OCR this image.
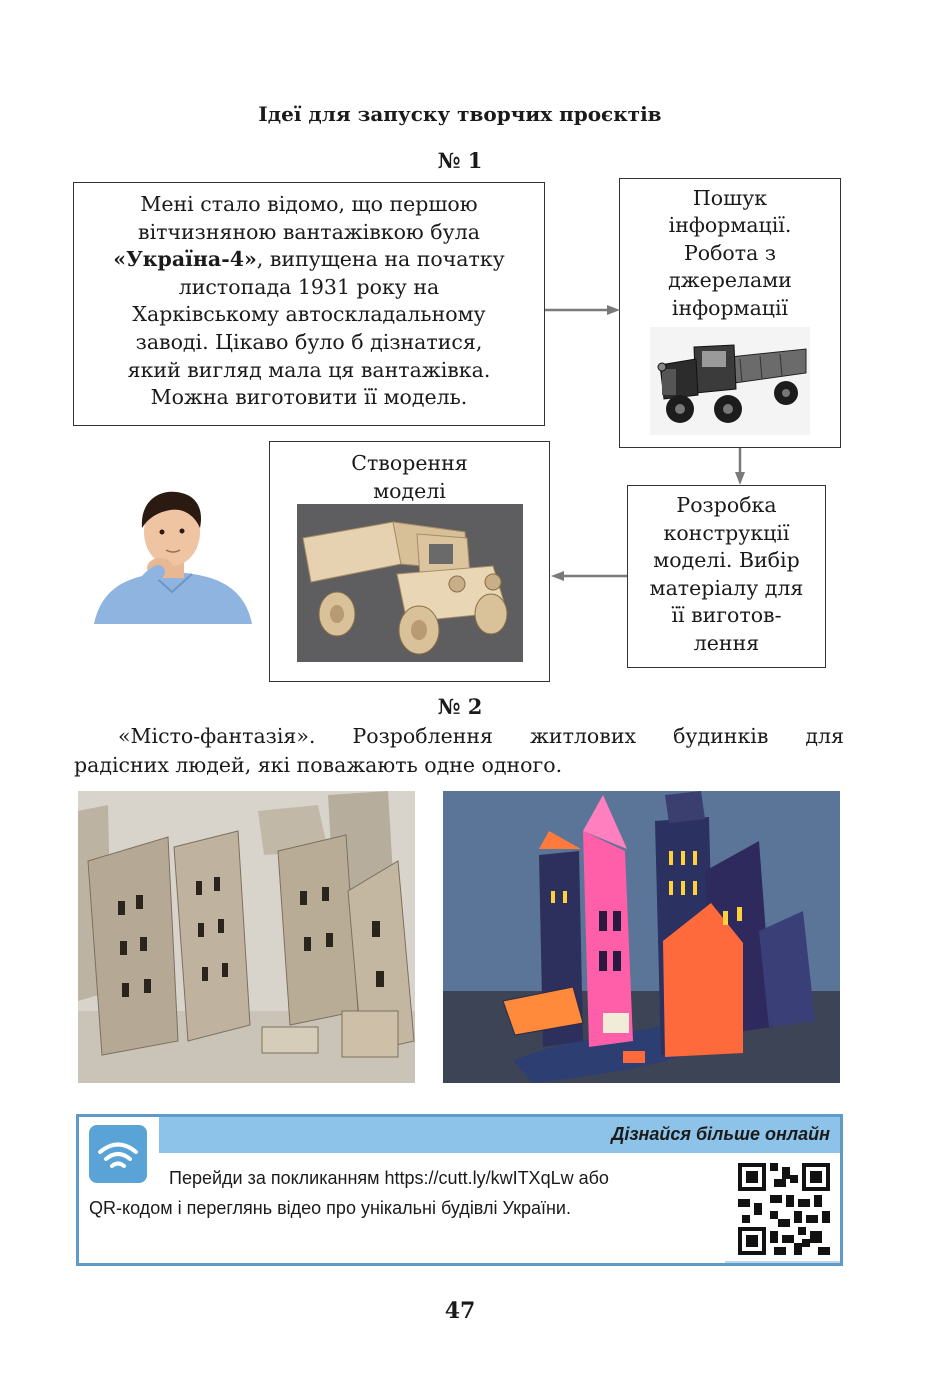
Ідеї для запуску творчих проєктів
№ 1
Мені стало відомо, що першою
вітчизняною вантажівкою була
«Україна-4», випущена на початку
листопада 1931 року на
Харківському автоскладальному
заводі. Цікаво було б дізнатися,
який вигляд мала ця вантажівка.
Можна виготовити її модель.
Пошук
інформації.
Робота з
джерелами
інформації
Розробка
конструкції
моделі. Вибір
матеріалу для
її виготов-
лення
Створення
моделі
№ 2
«Місто-фантазія». Розроблення житлових будинків для
радісних людей, які поважають одне одного.
Дізнайся більше онлайн
Перейди за покликанням https://cutt.ly/kwITXqLw або
QR-кодом і переглянь відео про унікальні будівлі України.
47
